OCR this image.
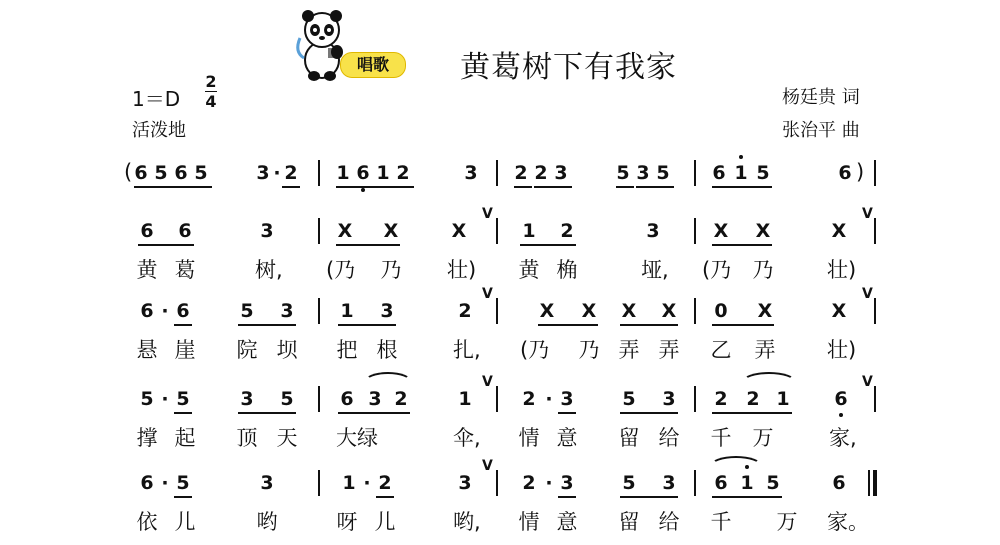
唱歌	黄葛树下有我家
1＝D
2
4
活泼地
杨廷贵 词
张治平 曲
( 6 5 6 5	3 · 2 1 6 1 2	3 2 2 3	5 3 5 6 1 5	6 )
6 6	3	X X	X
V
1 2	3	X X	X
V
黄 葛	树,	(乃	乃 壮)	黄 桷	垭,	(乃	乃	壮)
6 · 6	5 3 1 3	2
V
X X X X 0 X	X
V
悬 崖 院 坝 把 根	扎,	(乃	乃 弄 弄 乙 弄 壮)
5 · 5	3 5 6 3 2	1
V
2 · 3	5 3 2 2 1 6
V
撑 起 顶 天 大绿	伞,	情 意 留 给 千 万	家,
6 · 5	3	1 · 2	3
V
2 · 3	5 3 6 1 5	6
依 儿	哟	呀 儿	哟,	情 意 留 给 千 万 家。
